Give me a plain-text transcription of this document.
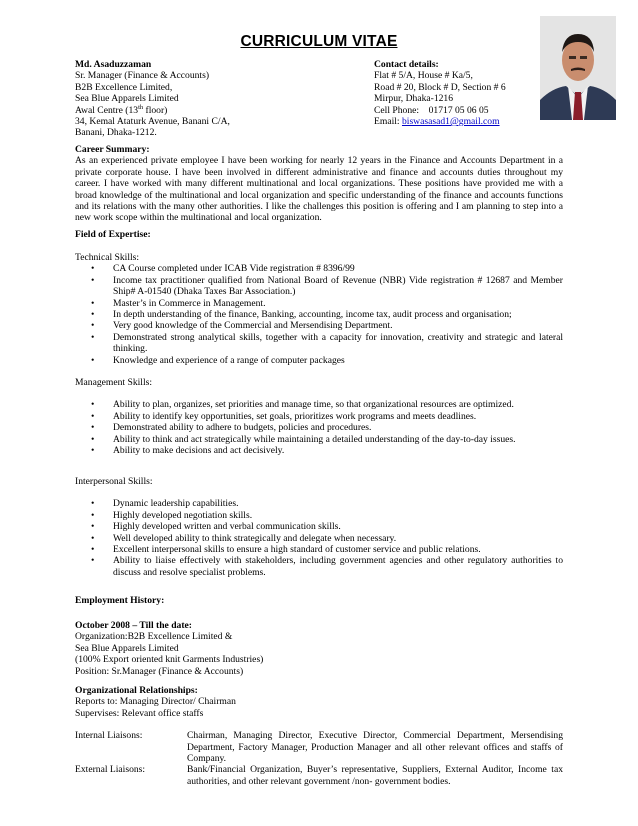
CURRICULUM VITAE
Md. Asaduzzaman
Sr. Manager (Finance & Accounts)
B2B Excellence Limited,
Sea Blue Apparels Limited
Awal Centre (13th floor)
34, Kemal Ataturk Avenue, Banani C/A,
Banani, Dhaka-1212.
Contact details:
Flat # 5/A, House # Ka/5,
Road # 20, Block # D, Section # 6
Mirpur, Dhaka-1216
Cell Phone:    01717 05 06 05
Email: biswasasad1@gmail.com
Career Summary:
As an experienced private employee I have been working for nearly 12 years in the Finance and Accounts Department in a private corporate house. I have been involved in different administrative and finance and accounts duties throughout my career. I have worked with many different multinational and local organizations. These positions have provided me with a broad knowledge of the multinational and local organization and specific understanding of the finance and accounts functions and its relations with the many other authorities. I like the challenges this position is offering and I am planning to step into a new work scope within the multinational and local organization.
Field of Expertise:
Technical Skills:
• CA Course completed under ICAB Vide registration # 8396/99
• Income tax practitioner qualified from National Board of Revenue (NBR) Vide registration # 12687 and Member Ship# A-01540 (Dhaka Taxes Bar Association.)
• Master’s in Commerce in Management.
• In depth understanding of the finance, Banking, accounting, income tax, audit process and organisation;
• Very good knowledge of the Commercial and Mersendising Department.
• Demonstrated strong analytical skills, together with a capacity for innovation, creativity and strategic and lateral thinking.
• Knowledge and experience of a range of computer packages
Management Skills:
• Ability to plan, organizes, set priorities and manage time, so that organizational resources are optimized.
• Ability to identify key opportunities, set goals, prioritizes work programs and meets deadlines.
• Demonstrated ability to adhere to budgets, policies and procedures.
• Ability to think and act strategically while maintaining a detailed understanding of the day-to-day issues.
• Ability to make decisions and act decisively.
Interpersonal Skills:
• Dynamic leadership capabilities.
• Highly developed negotiation skills.
• Highly developed written and verbal communication skills.
• Well developed ability to think strategically and delegate when necessary.
• Excellent interpersonal skills to ensure a high standard of customer service and public relations.
• Ability to liaise effectively with stakeholders, including government agencies and other regulatory authorities to discuss and resolve specialist problems.
Employment History:
October 2008 – Till the date:
Organization:B2B Excellence Limited &
Sea Blue Apparels Limited
(100% Export oriented knit Garments Industries)
Position: Sr.Manager (Finance & Accounts)
Organizational Relationships:
Reports to: Managing Director/ Chairman
Supervises: Relevant office staffs
Internal Liaisons:	Chairman, Managing Director, Executive Director, Commercial Department, Mersendising Department, Factory Manager, Production Manager and all other relevant offices and staffs of Company.
External Liaisons:	Bank/Financial Organization, Buyer’s representative, Suppliers, External Auditor, Income tax authorities, and other relevant government /non- government bodies.
